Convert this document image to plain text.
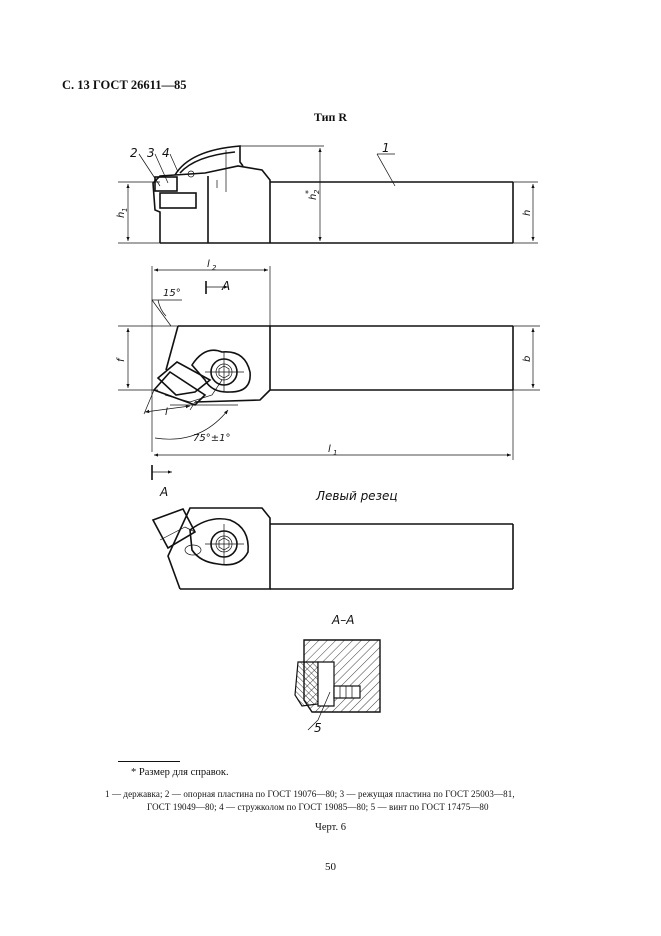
С. 13 ГОСТ 26611—85
Тип R
2 3 4	1
h
1
h
2
*
h
l 2
l 1
15°
75°±1°
l
A
A
f	b
Левый резец
А–А
5
* Размер для справок.
1 — державка; 2 — опорная пластина по ГОСТ 19076—80; 3 — режущая пластина по ГОСТ 25003—81,
ГОСТ 19049—80; 4 — стружколом по ГОСТ 19085—80; 5 — винт по ГОСТ 17475—80
Черт. 6
50
